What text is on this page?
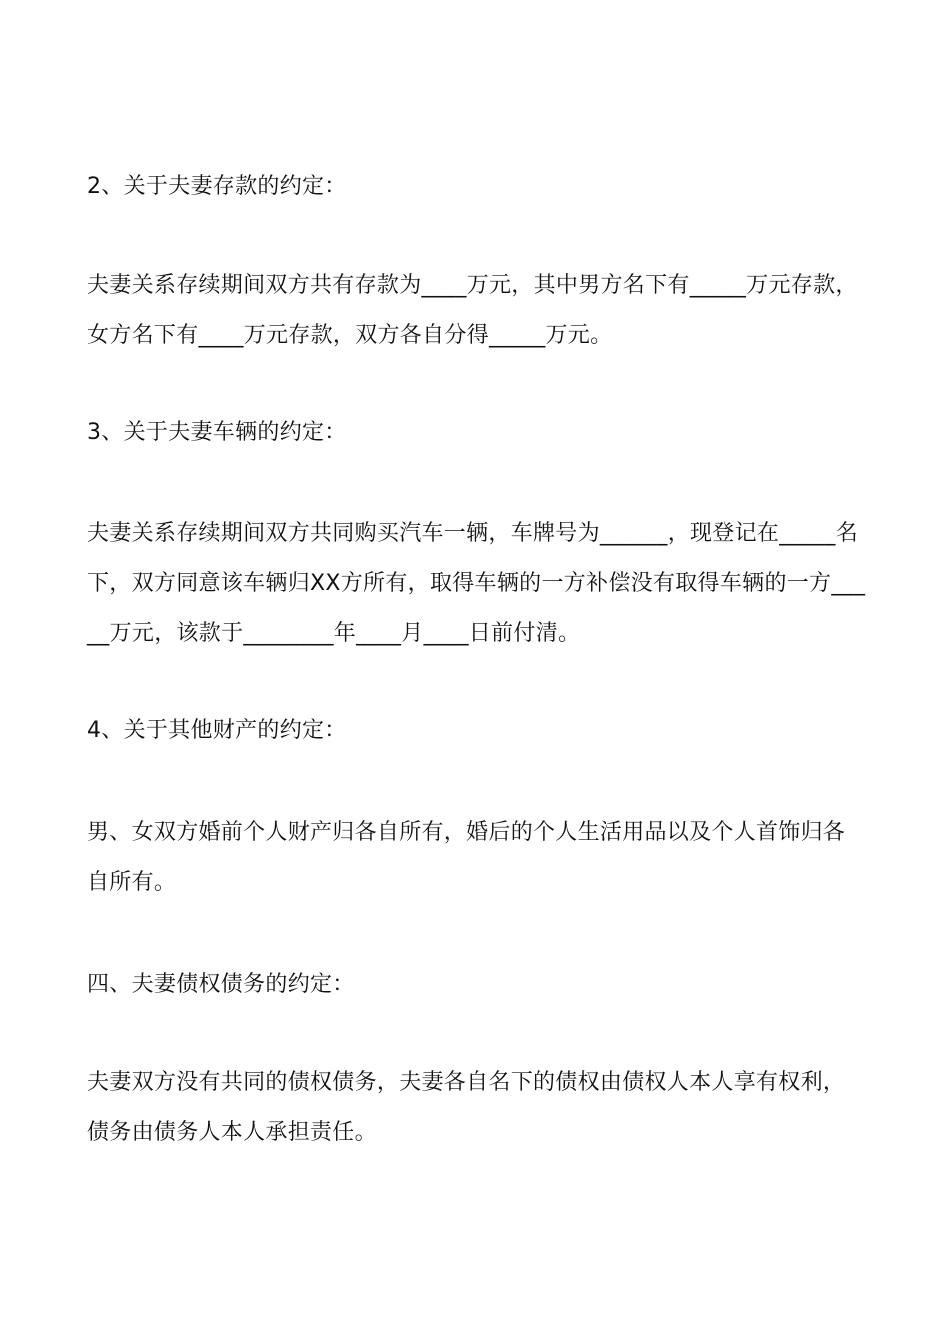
2、关于夫妻存款的约定：

夫妻关系存续期间双方共有存款为____万元，其中男方名下有_____万元存款，女方名下有____万元存款，双方各自分得_____万元。

3、关于夫妻车辆的约定：

夫妻关系存续期间双方共同购买汽车一辆，车牌号为______，现登记在_____名下，双方同意该车辆归XX方所有，取得车辆的一方补偿没有取得车辆的一方_____万元，该款于________年____月____日前付清。

4、关于其他财产的约定：

男、女双方婚前个人财产归各自所有，婚后的个人生活用品以及个人首饰归各自所有。

四、夫妻债权债务的约定：

夫妻双方没有共同的债权债务，夫妻各自名下的债权由债权人本人享有权利，债务由债务人本人承担责任。
